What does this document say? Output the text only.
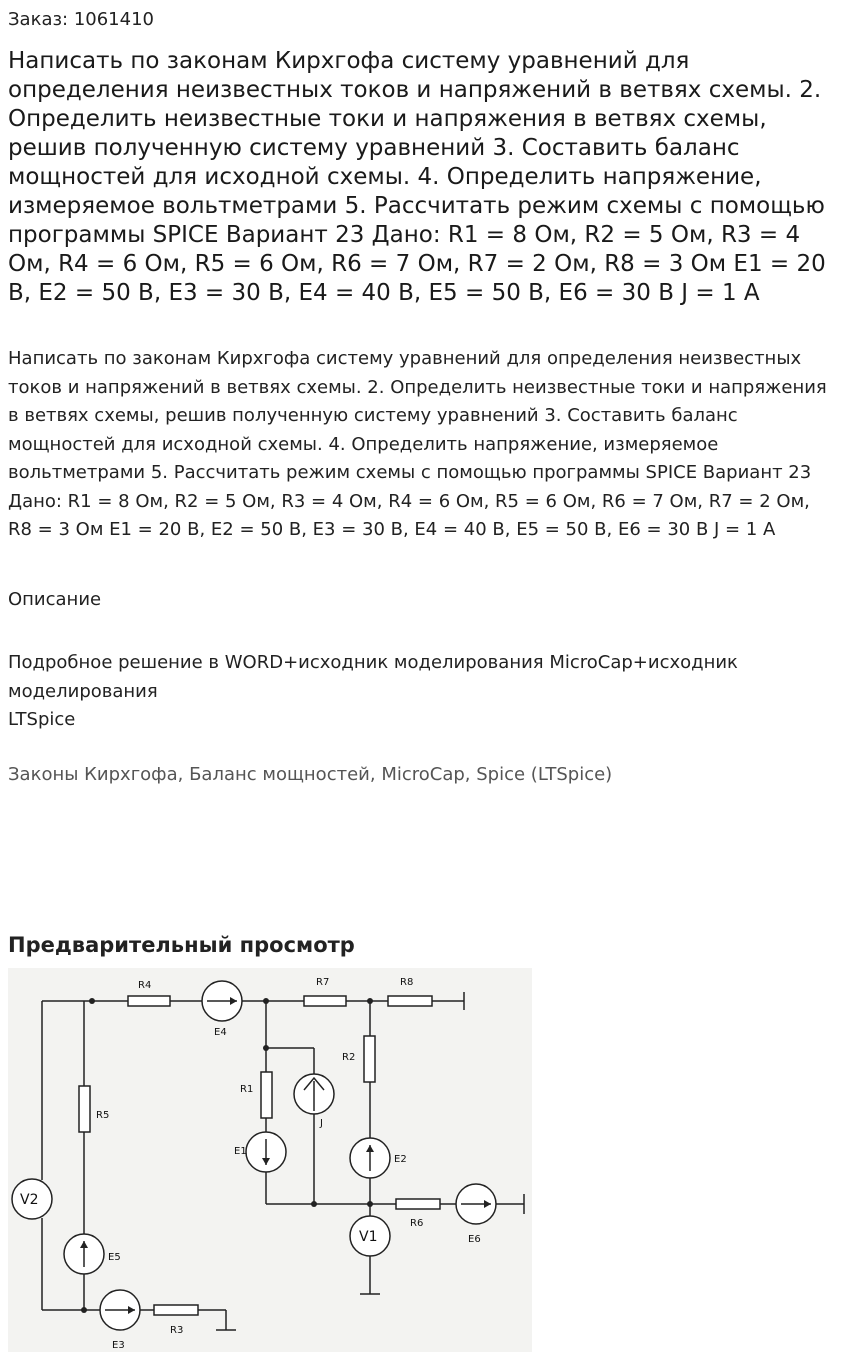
Заказ: 1061410
Написать по законам Кирхгофа систему уравнений для определения неизвестных токов и напряжений в ветвях схемы. 2. Определить неизвестные токи и напряжения в ветвях схемы, решив полученную систему уравнений 3. Составить баланс мощностей для исходной схемы. 4. Определить напряжение, измеряемое вольтметрами 5. Рассчитать режим схемы с помощью программы SPICE Вариант 23 Дано: R1 = 8 Ом, R2 = 5 Ом, R3 = 4 Ом, R4 = 6 Ом, R5 = 6 Ом, R6 = 7 Ом, R7 = 2 Ом, R8 = 3 Ом E1 = 20 В, E2 = 50 В, E3 = 30 В, E4 = 40 В, E5 = 50 В, E6 = 30 В J = 1 А

Написать по законам Кирхгофа систему уравнений для определения неизвестных токов и напряжений в ветвях схемы. 2. Определить неизвестные токи и напряжения в ветвях схемы, решив полученную систему уравнений 3. Составить баланс мощностей для исходной схемы. 4. Определить напряжение, измеряемое вольтметрами 5. Рассчитать режим схемы с помощью программы SPICE Вариант 23 Дано: R1 = 8 Ом, R2 = 5 Ом, R3 = 4 Ом, R4 = 6 Ом, R5 = 6 Ом, R6 = 7 Ом, R7 = 2 Ом, R8 = 3 Ом E1 = 20 В, E2 = 50 В, E3 = 30 В, E4 = 40 В, E5 = 50 В, E6 = 30 В J = 1 А

Описание
Подробное решение в WORD+исходник моделирования MicroCap+исходник моделирования
LTSpice
Законы Кирхгофа, Баланс мощностей, MicroCap, Spice (LTSpice)
Предварительный просмотр
R4
E4
R7	R8
R5
E5
E3
R3
R1
E1
J
R2
E2
R6
E6
V1
V2
